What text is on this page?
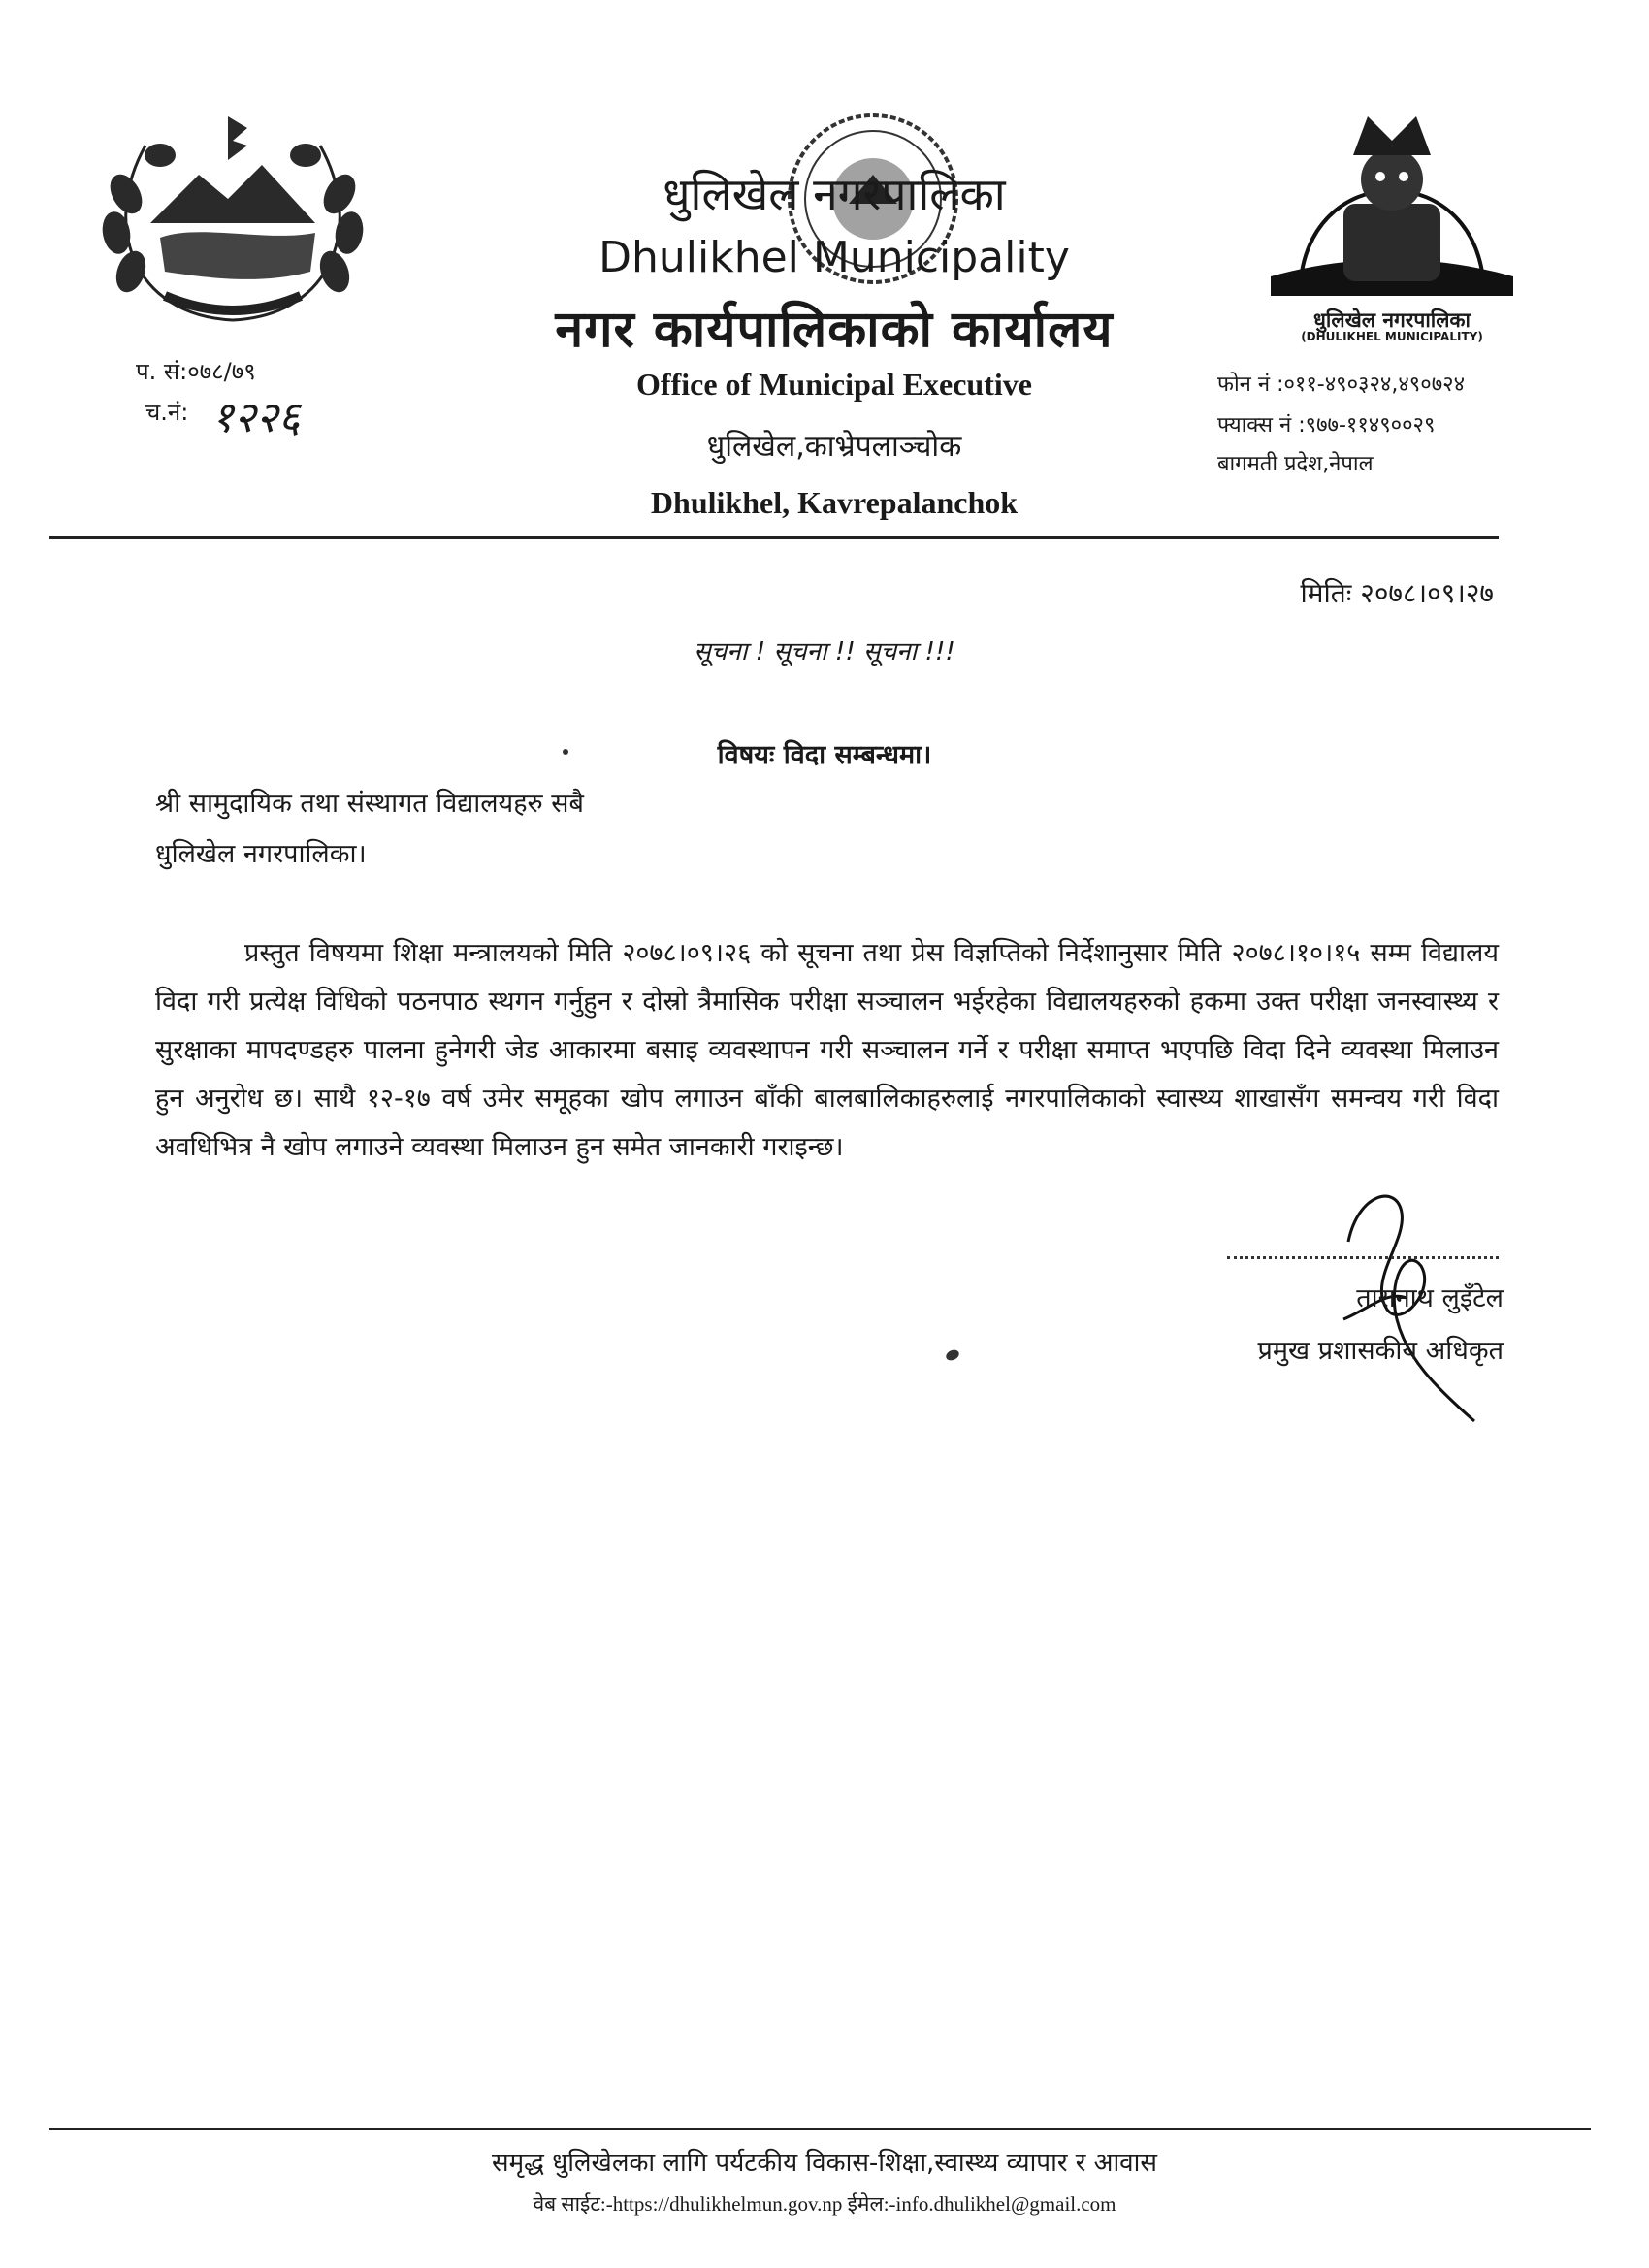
धुलिखेल नगरपालिका
(DHULIKHEL MUNICIPALITY)
धुलिखेल नगरपालिका
Dhulikhel Municipality
नगर कार्यपालिकाको कार्यालय
Office of Municipal Executive
धुलिखेल,काभ्रेपलाञ्चोक
Dhulikhel, Kavrepalanchok
प. सं:०७८/७९
च.नं: १२२६
फोन नं :०११-४९०३२४,४९०७२४
फ्याक्स नं :९७७-११४९००२९
बागमती प्रदेश,नेपाल
मितिः २०७८।०९।२७
सूचना ! सूचना !! सूचना !!!
विषयः विदा सम्बन्धमा।
श्री सामुदायिक तथा संस्थागत विद्यालयहरु सबै
धुलिखेल नगरपालिका।
प्रस्तुत विषयमा शिक्षा मन्त्रालयको मिति २०७८।०९।२६ को सूचना तथा प्रेस विज्ञप्तिको निर्देशानुसार मिति २०७८।१०।१५ सम्म विद्यालय विदा गरी प्रत्येक्ष विधिको पठनपाठ स्थगन गर्नुहुन र दोस्रो त्रैमासिक परीक्षा सञ्चालन भईरहेका विद्यालयहरुको हकमा उक्त परीक्षा जनस्वास्थ्य र सुरक्षाका मापदण्डहरु पालना हुनेगरी जेड आकारमा बसाइ व्यवस्थापन गरी सञ्चालन गर्ने र परीक्षा समाप्त भएपछि विदा दिने व्यवस्था मिलाउन हुन अनुरोध छ। साथै १२-१७ वर्ष उमेर समूहका खोप लगाउन बाँकी बालबालिकाहरुलाई नगरपालिकाको स्वास्थ्य शाखासँग समन्वय गरी विदा अवधिभित्र नै खोप लगाउने व्यवस्था मिलाउन हुन समेत जानकारी गराइन्छ।
तारानाथ लुइँटेल
प्रमुख प्रशासकीय अधिकृत
समृद्ध धुलिखेलका लागि पर्यटकीय विकास-शिक्षा,स्वास्थ्य व्यापार र आवास
वेब साईट:-https://dhulikhelmun.gov.np ईमेल:-info.dhulikhel@gmail.com
